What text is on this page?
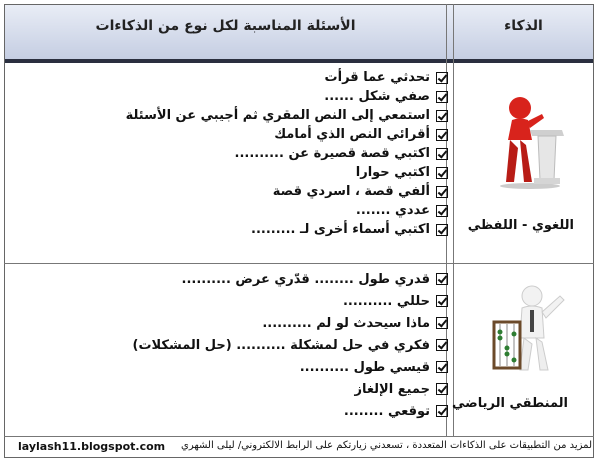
الأسئلة المناسبة لكل نوع من الذكاءات	الذكاء
تحدثي عما قرأت
صفي شكل ......
استمعي إلى النص المقري ثم أجيبي عن الأسئلة
أقرائي النص الذي أمامك
اكتبي قصة قصيرة عن ..........
اكتبي حوارا
ألفي قصة ، اسردي قصة
عددي .......
اكتبي أسماء أخرى لـ .........
قدري طول ........ قدّري عرض ..........
حللي ..........
ماذا سيحدث لو لم ..........
فكري في حل لمشكلة .......... (حل المشكلات)
قيسي طول ..........
جميع الإلغاز
توقعي ........
اللغوي - اللفظي
المنطقي الرياضي
laylash11.blogspot.com لمزيد من التطبيقات على الذكاءات المتعددة ، تسعدني زيارتكم على الرابط الالكتروني/ ليلى الشهري
